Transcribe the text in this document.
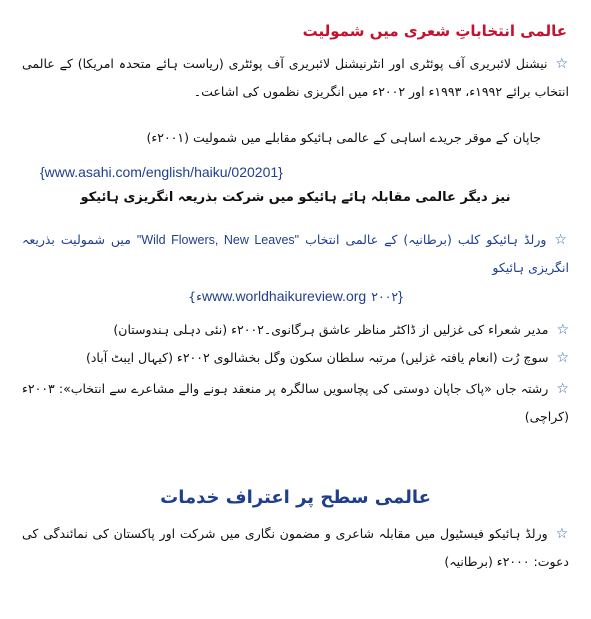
عالمی انتخاباتِ شعری میں شمولیت
☆نیشنل لائبریری آف پوئٹری اور انٹرنیشنل لائبریری آف پوئٹری (ریاست ہائے متحدہ امریکا) کے عالمی انتخاب برائے ۱۹۹۲ء، ۱۹۹۳ء اور ۲۰۰۲ء میں انگریزی نظموں کی اشاعت۔
جاپان کے موقر جریدے اساہی کے عالمی ہائیکو مقابلے میں شمولیت (۲۰۰۱ء)
{www.asahi.com/english/haiku/020201}
نیز دیگر عالمی مقابلہ ہائے ہائیکو میں شرکت بذریعہ انگریزی ہائیکو
☆ورلڈ ہائیکو کلب (برطانیہ) کے عالمی انتخاب "Wild Flowers, New Leaves" میں شمولیت بذریعہ انگریزی ہائیکو
{www.worldhaikureview.org ۲۰۰۲ء}
☆مدیر شعراء کی غزلیں از ڈاکٹر مناظر عاشق ہرگانوی۔۲۰۰۲ء (نئی دہلی ہندوستان)
☆سوچ رُت (انعام یافتہ غزلیں) مرتبہ سلطان سکون وگل بخشالوی ۲۰۰۲ء (کیہال ایبٹ آباد)
☆رشتہ جاں «پاک جاپان دوستی کی پچاسویں سالگرہ پر منعقد ہونے والے مشاعرے سے انتخاب»: ۲۰۰۳ء (کراچی)
عالمی سطح پر اعتراف خدمات
☆ورلڈ ہائیکو فیسٹیول میں مقابلہ شاعری و مضمون نگاری میں شرکت اور پاکستان کی نمائندگی کی دعوت: ۲۰۰۰ء (برطانیہ)
